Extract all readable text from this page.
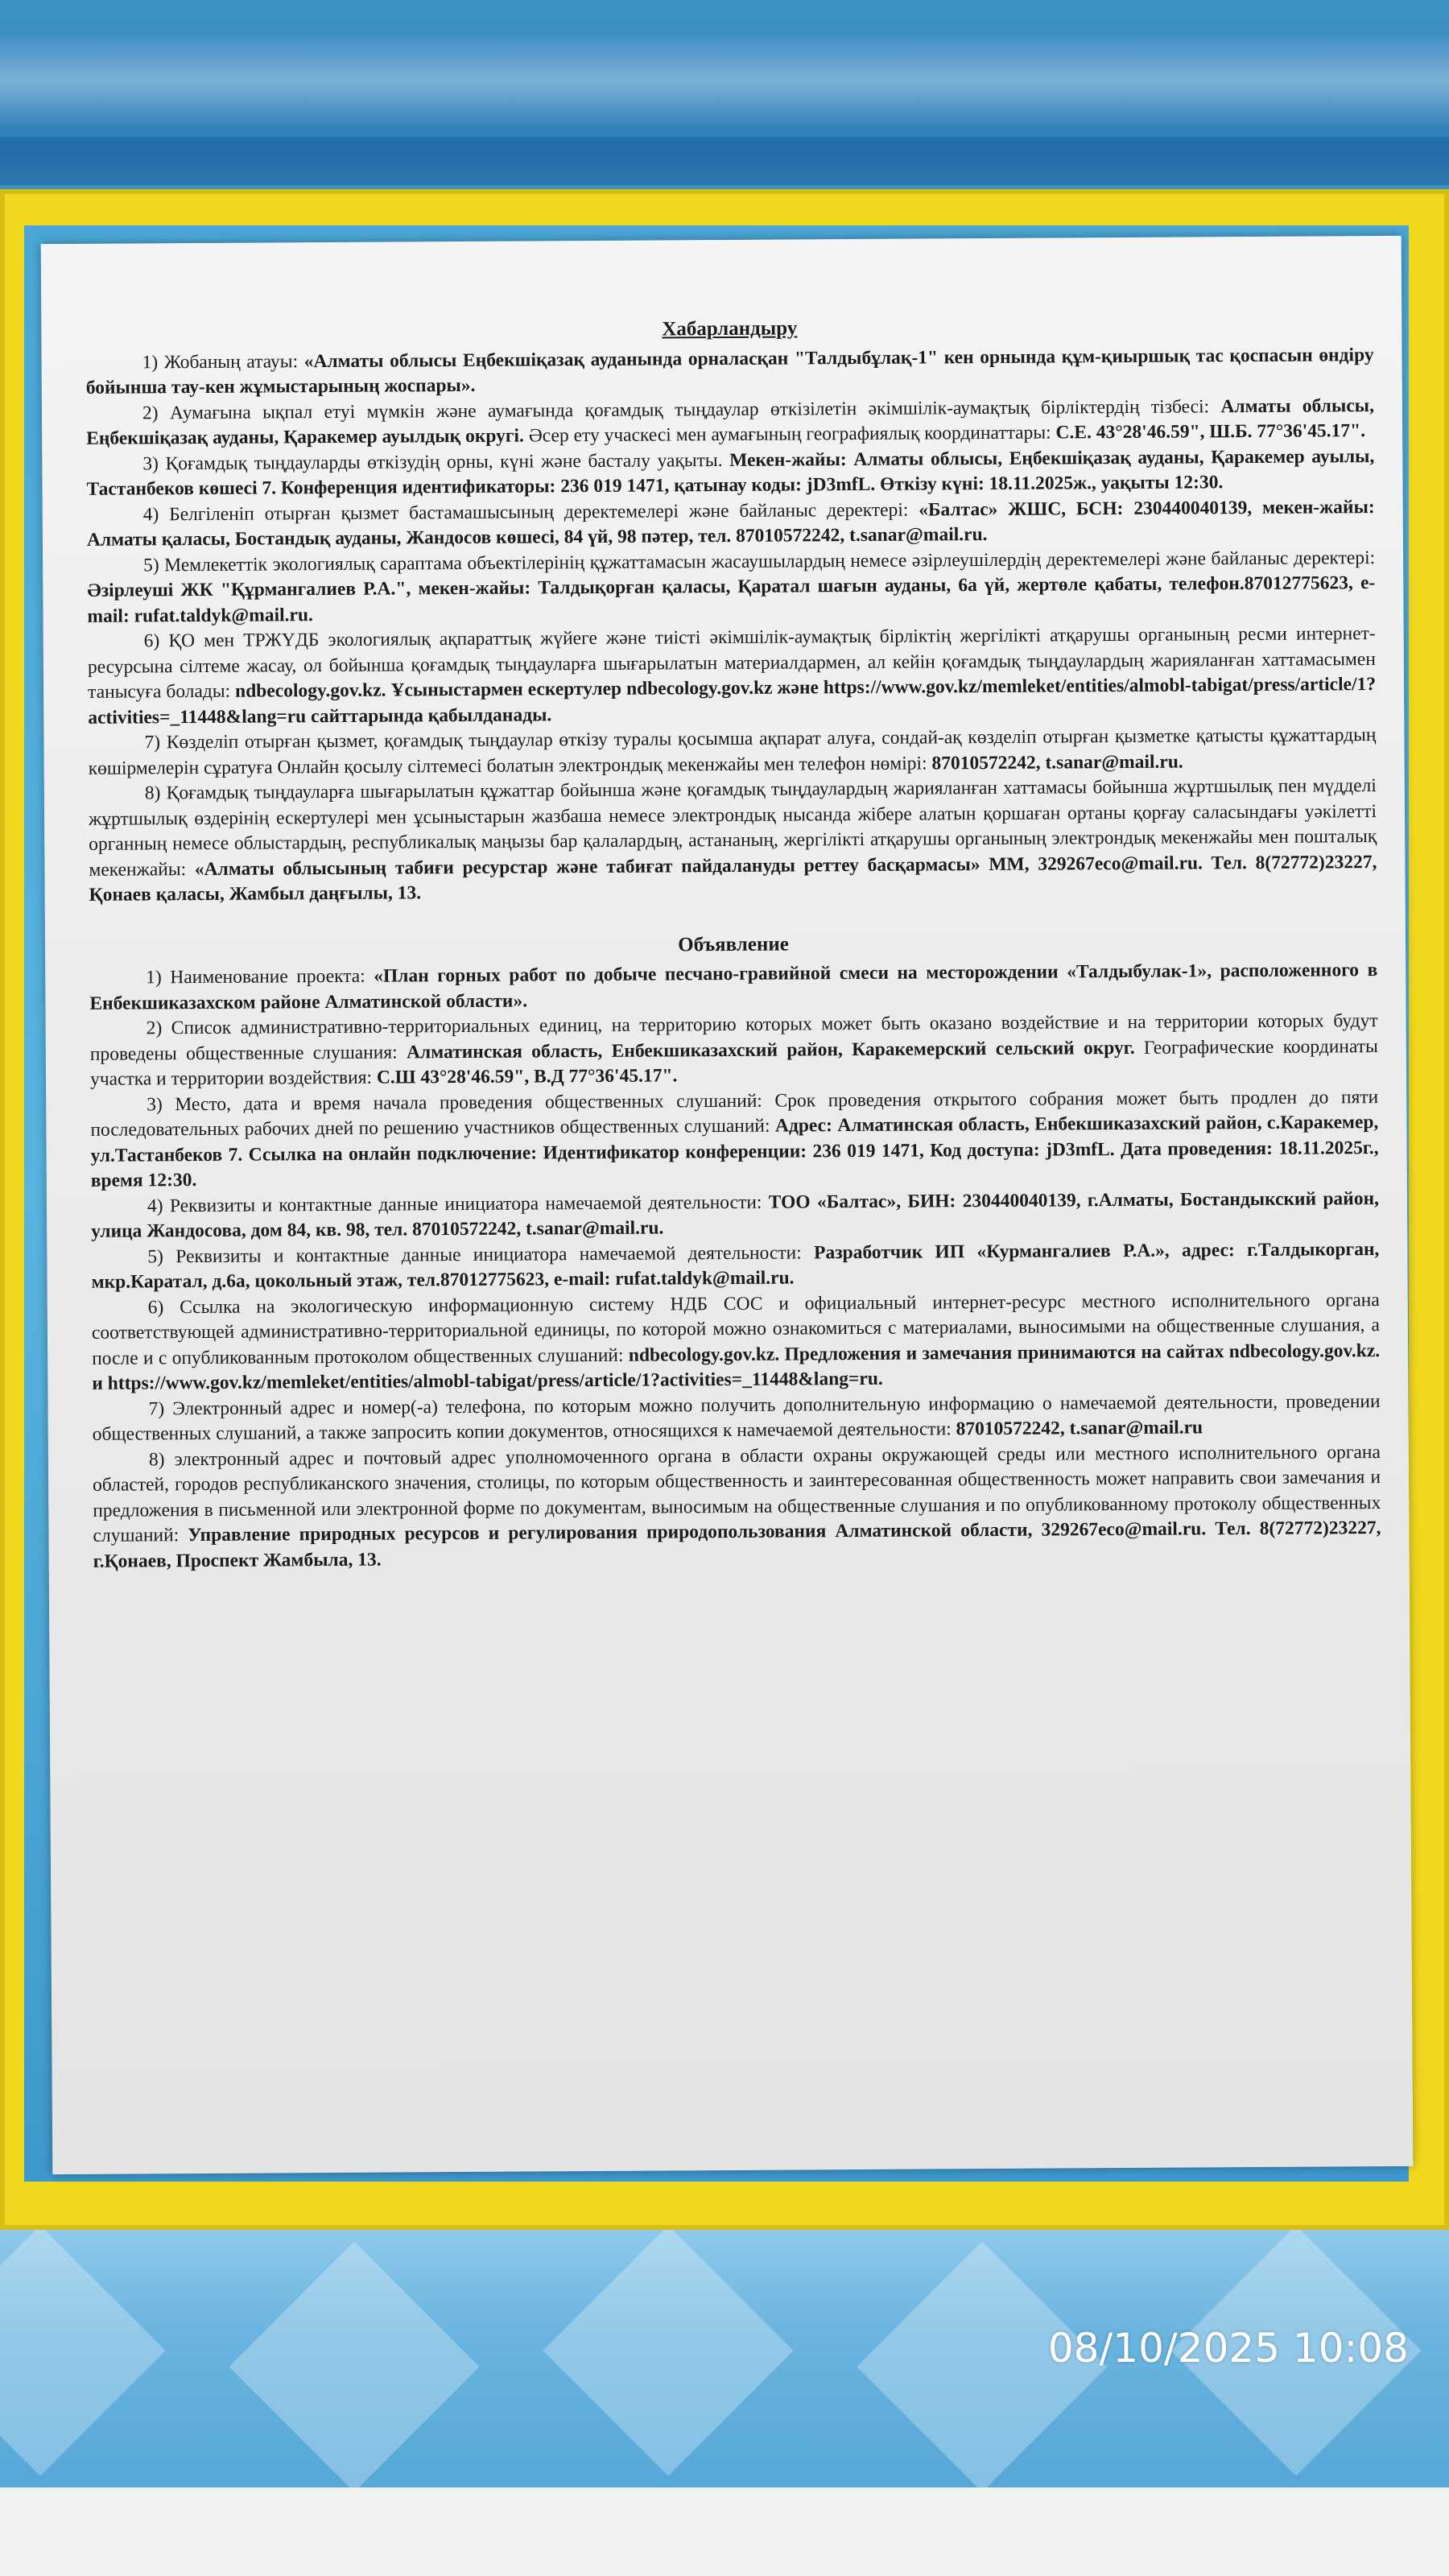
Хабарландыру

1) Жобаның атауы: «Алматы облысы Еңбекшіқазақ ауданында орналасқан "Талдыбұлақ-1" кен орнында құм-қиыршық тас қоспасын өндіру бойынша тау-кен жұмыстарының жоспары».

2) Аумағына ықпал етуі мүмкін және аумағында қоғамдық тыңдаулар өткізілетін әкімшілік-аумақтық бірліктердің тізбесі: Алматы облысы, Еңбекшіқазақ ауданы, Қаракемер ауылдық округі. Әсер ету учаскесі мен аумағының географиялық координаттары: С.Е. 43°28'46.59", Ш.Б. 77°36'45.17".

3) Қоғамдық тыңдауларды өткізудің орны, күні және басталу уақыты. Мекен-жайы: Алматы облысы, Еңбекшіқазақ ауданы, Қаракемер ауылы, Тастанбеков көшесі 7. Конференция идентификаторы: 236 019 1471, қатынау коды: jD3mfL. Өткізу күні: 18.11.2025ж., уақыты 12:30.

4) Белгіленіп отырған қызмет бастамашысының деректемелері және байланыс деректері: «Балтас» ЖШС, БСН: 230440040139, мекен-жайы: Алматы қаласы, Бостандық ауданы, Жандосов көшесі, 84 үй, 98 пәтер, тел. 87010572242, t.sanar@mail.ru.

5) Мемлекеттік экологиялық сараптама объектілерінің құжаттамасын жасаушылардың немесе әзірлеушілердің деректемелері және байланыс деректері: Әзірлеуші ЖК "Құрмангалиев Р.А.", мекен-жайы: Талдықорған қаласы, Қаратал шағын ауданы, 6а үй, жертөле қабаты, телефон.87012775623, e-mail: rufat.taldyk@mail.ru.

6) ҚО мен ТРЖҮДБ экологиялық ақпараттық жүйеге және тиісті әкімшілік-аумақтық бірліктің жергілікті атқарушы органының ресми интернет-ресурсына сілтеме жасау, ол бойынша қоғамдық тыңдауларға шығарылатын материалдармен, ал кейін қоғамдық тыңдаулардың жарияланған хаттамасымен танысуға болады: ndbecology.gov.kz. Ұсыныстармен ескертулер ndbecology.gov.kz және https://www.gov.kz/memleket/entities/almobl-tabigat/press/article/1?activities=_11448&lang=ru сайттарында қабылданады.

7) Көзделіп отырған қызмет, қоғамдық тыңдаулар өткізу туралы қосымша ақпарат алуға, сондай-ақ көзделіп отырған қызметке қатысты құжаттардың көшірмелерін сұратуға Онлайн қосылу сілтемесі болатын электрондық мекенжайы мен телефон нөмірі: 87010572242, t.sanar@mail.ru.

8) Қоғамдық тыңдауларға шығарылатын құжаттар бойынша және қоғамдық тыңдаулардың жарияланған хаттамасы бойынша жұртшылық пен мүдделі жұртшылық өздерінің ескертулері мен ұсыныстарын жазбаша немесе электрондық нысанда жібере алатын қоршаған ортаны қорғау саласындағы уәкілетті органның немесе облыстардың, республикалық маңызы бар қалалардың, астананың, жергілікті атқарушы органының электрондық мекенжайы мен пошталық мекенжайы: «Алматы облысының табиғи ресурстар және табиғат пайдалануды реттеу басқармасы» ММ, 329267eco@mail.ru. Тел. 8(72772)23227, Қонаев қаласы, Жамбыл даңғылы, 13.

Объявление

1) Наименование проекта: «План горных работ по добыче песчано-гравийной смеси на месторождении «Талдыбулак-1», расположенного в Енбекшиказахском районе Алматинской области».

2) Список административно-территориальных единиц, на территорию которых может быть оказано воздействие и на территории которых будут проведены общественные слушания: Алматинская область, Енбекшиказахский район, Каракемерский сельский округ. Географические координаты участка и территории воздействия: С.Ш 43°28'46.59", В.Д 77°36'45.17".

3) Место, дата и время начала проведения общественных слушаний: Срок проведения открытого собрания может быть продлен до пяти последовательных рабочих дней по решению участников общественных слушаний: Адрес: Алматинская область, Енбекшиказахский район, с.Каракемер, ул.Тастанбеков 7. Ссылка на онлайн подключение: Идентификатор конференции: 236 019 1471, Код доступа: jD3mfL. Дата проведения: 18.11.2025г., время 12:30.

4) Реквизиты и контактные данные инициатора намечаемой деятельности: ТОО «Балтас», БИН: 230440040139, г.Алматы, Бостандыкский район, улица Жандосова, дом 84, кв. 98, тел. 87010572242, t.sanar@mail.ru.

5) Реквизиты и контактные данные инициатора намечаемой деятельности: Разработчик ИП «Курмангалиев Р.А.», адрес: г.Талдыкорган, мкр.Каратал, д.6а, цокольный этаж, тел.87012775623, e-mail: rufat.taldyk@mail.ru.

6) Ссылка на экологическую информационную систему НДБ СОС и официальный интернет-ресурс местного исполнительного органа соответствующей административно-территориальной единицы, по которой можно ознакомиться с материалами, выносимыми на общественные слушания, а после и с опубликованным протоколом общественных слушаний: ndbecology.gov.kz. Предложения и замечания принимаются на сайтах ndbecology.gov.kz. и https://www.gov.kz/memleket/entities/almobl-tabigat/press/article/1?activities=_11448&lang=ru.

7) Электронный адрес и номер(-а) телефона, по которым можно получить дополнительную информацию о намечаемой деятельности, проведении общественных слушаний, а также запросить копии документов, относящихся к намечаемой деятельности: 87010572242, t.sanar@mail.ru

8) электронный адрес и почтовый адрес уполномоченного органа в области охраны окружающей среды или местного исполнительного органа областей, городов республиканского значения, столицы, по которым общественность и заинтересованная общественность может направить свои замечания и предложения в письменной или электронной форме по документам, выносимым на общественные слушания и по опубликованному протоколу общественных слушаний: Управление природных ресурсов и регулирования природопользования Алматинской области, 329267eco@mail.ru. Тел. 8(72772)23227, г.Қонаев, Проспект Жамбыла, 13.

08/10/2025 10:08
